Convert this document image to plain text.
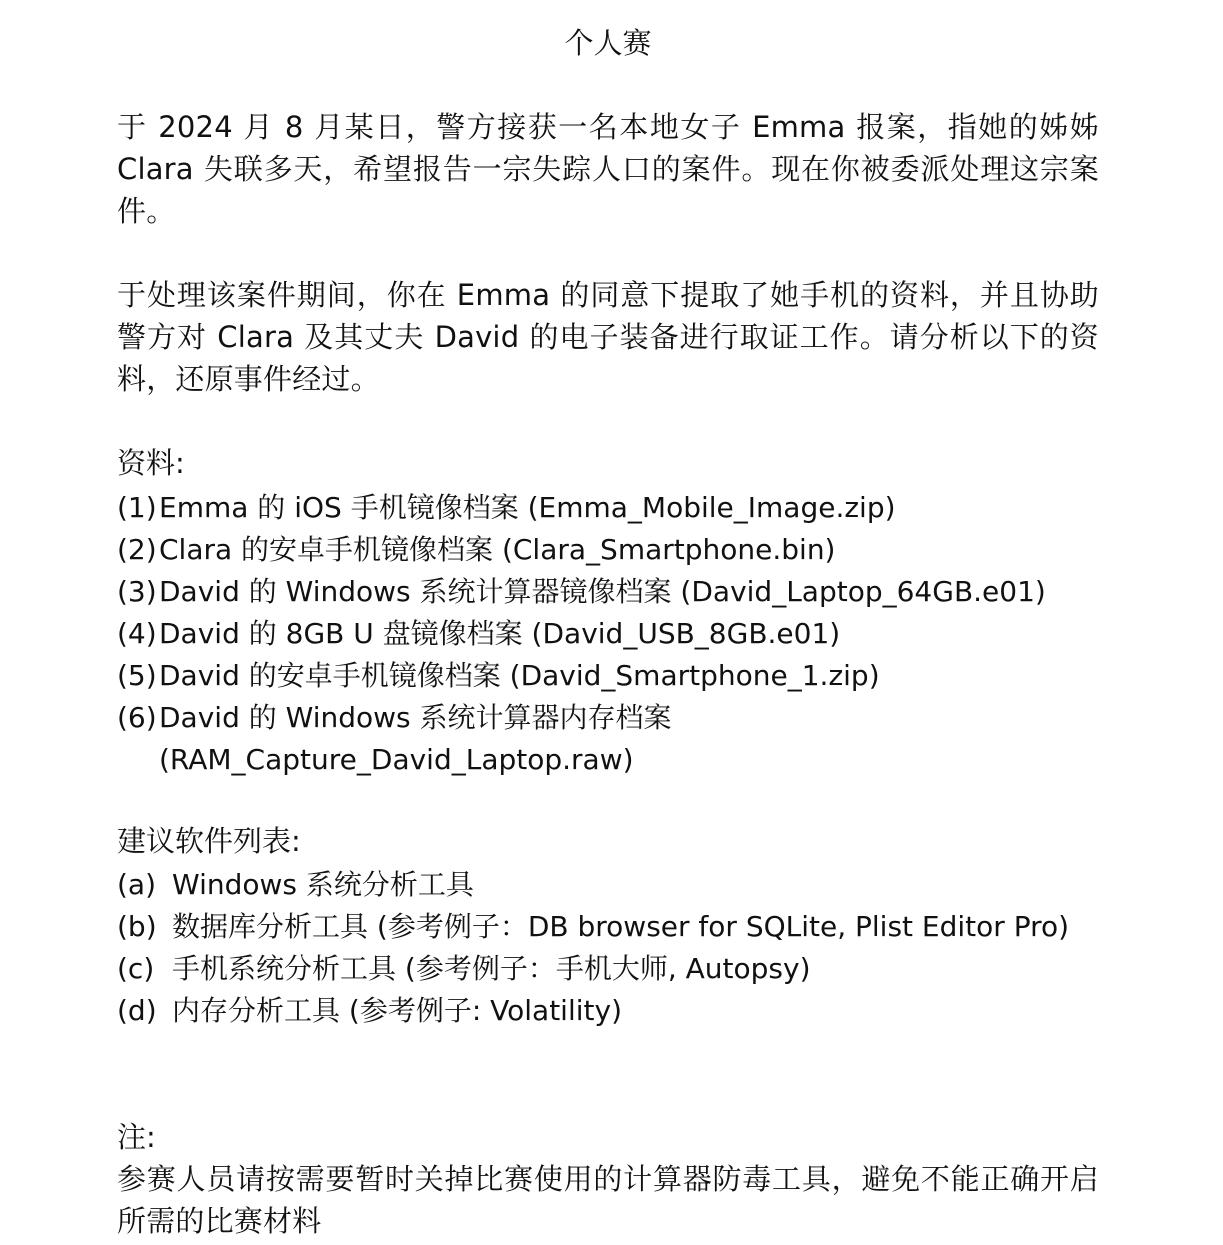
个人赛
于 2024 月 8 月某日，警方接获一名本地女子 Emma 报案，指她的姊姊 Clara 失联多天，希望报告一宗失踪人口的案件。现在你被委派处理这宗案件。
于处理该案件期间，你在 Emma 的同意下提取了她手机的资料，并且协助警方对 Clara 及其丈夫 David 的电子装备进行取证工作。请分析以下的资料，还原事件经过。
资料:
(1) Emma 的 iOS 手机镜像档案 (Emma_Mobile_Image.zip)
(2) Clara 的安卓手机镜像档案 (Clara_Smartphone.bin)
(3) David 的 Windows 系统计算器镜像档案 (David_Laptop_64GB.e01)
(4) David 的 8GB U 盘镜像档案 (David_USB_8GB.e01)
(5) David 的安卓手机镜像档案 (David_Smartphone_1.zip)
(6) David 的 Windows 系统计算器内存档案 (RAM_Capture_David_Laptop.raw)
建议软件列表:
(a) Windows 系统分析工具
(b) 数据库分析工具 (参考例子：DB browser for SQLite, Plist Editor Pro)
(c) 手机系统分析工具 (参考例子：手机大师, Autopsy)
(d) 内存分析工具 (参考例子: Volatility)
注:
参赛人员请按需要暂时关掉比赛使用的计算器防毒工具，避免不能正确开启所需的比赛材料
